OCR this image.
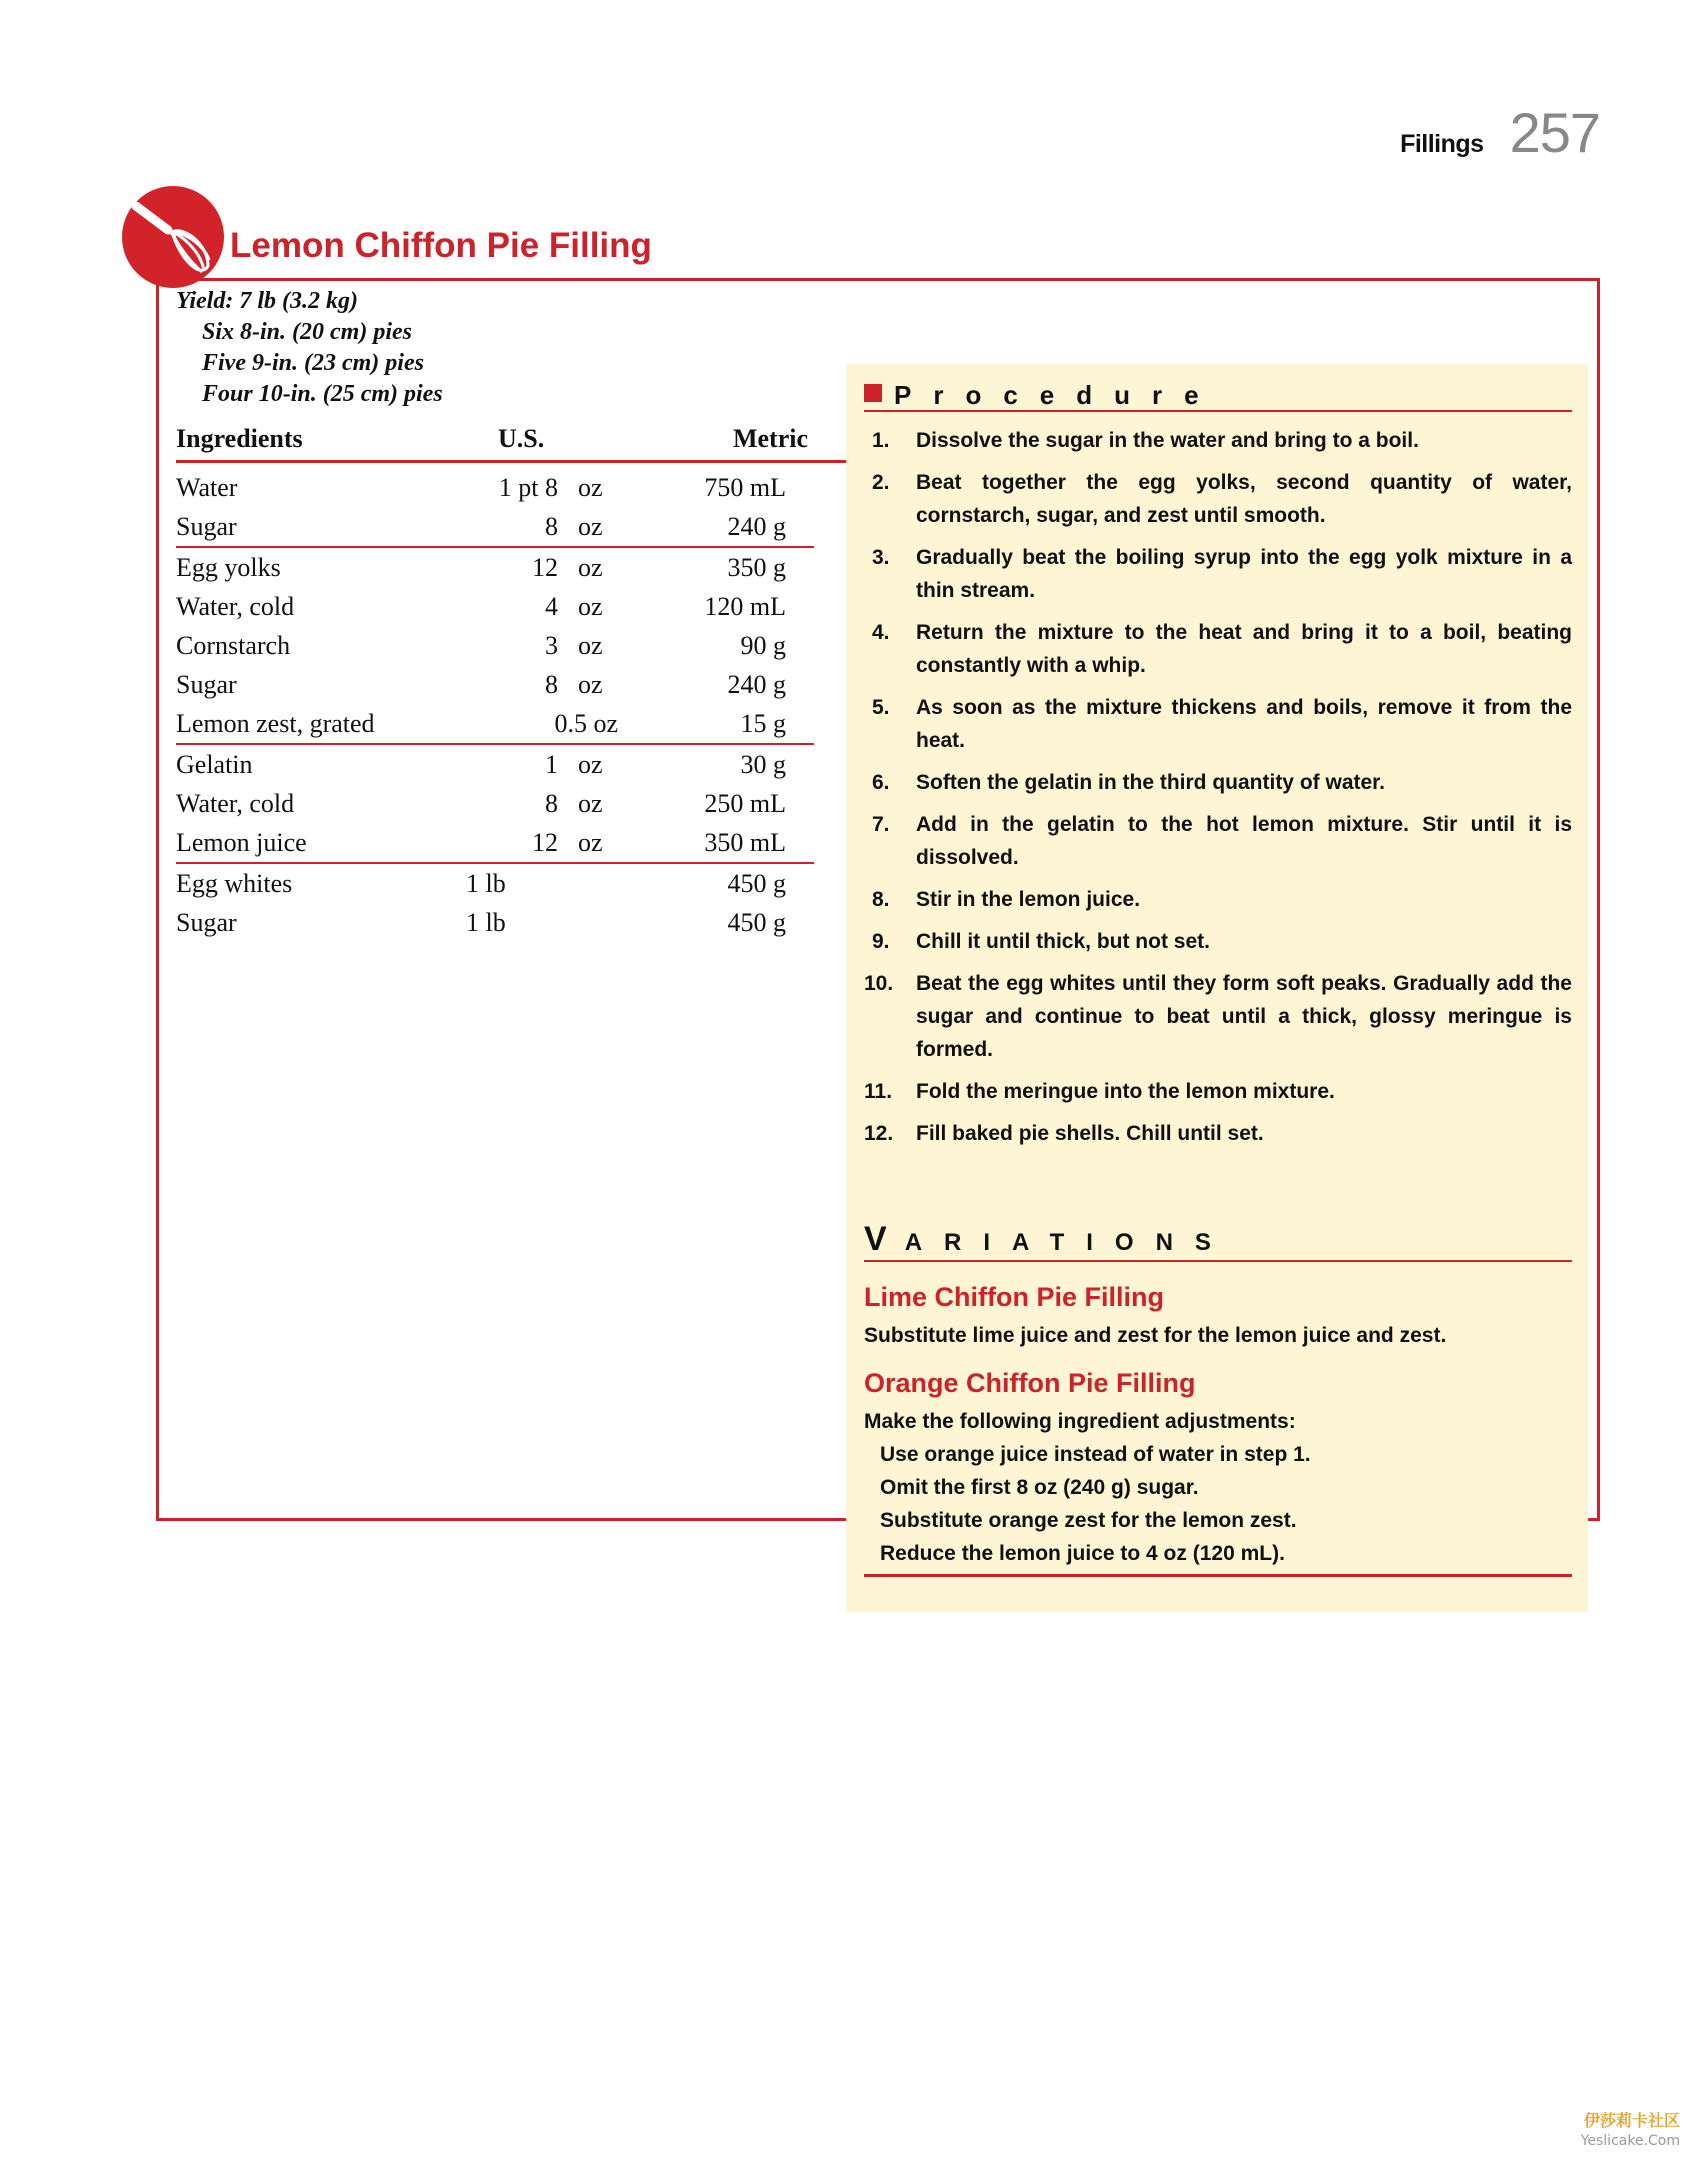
Fillings 257
Lemon Chiffon Pie Filling
Yield: 7 lb (3.2 kg)
Six 8-in. (20 cm) pies
Five 9-in. (23 cm) pies
Four 10-in. (25 cm) pies
Ingredients	U.S.	Metric
Water	1 pt 8 oz	750 mL
Sugar	8 oz	240 g
Egg yolks	12 oz	350 g
Water, cold	4 oz	120 mL
Cornstarch	3 oz	90 g
Sugar	8 oz	240 g
Lemon zest, grated	0.5 oz	15 g
Gelatin	1 oz	30 g
Water, cold	8 oz	250 mL
Lemon juice	12 oz	350 mL
Egg whites	1 lb	450 g
Sugar	1 lb	450 g
Procedure
1. Dissolve the sugar in the water and bring to a boil.
2. Beat together the egg yolks, second quantity of water, cornstarch, sugar, and zest until smooth.
3. Gradually beat the boiling syrup into the egg yolk mixture in a thin stream.
4. Return the mixture to the heat and bring it to a boil, beating constantly with a whip.
5. As soon as the mixture thickens and boils, remove it from the heat.
6. Soften the gelatin in the third quantity of water.
7. Add in the gelatin to the hot lemon mixture. Stir until it is dissolved.
8. Stir in the lemon juice.
9. Chill it until thick, but not set.
10. Beat the egg whites until they form soft peaks. Gradually add the sugar and continue to beat until a thick, glossy meringue is formed.
11. Fold the meringue into the lemon mixture.
12. Fill baked pie shells. Chill until set.
VARIATIONS

Lime Chiffon Pie Filling

Substitute lime juice and zest for the lemon juice and zest.

Orange Chiffon Pie Filling

Make the following ingredient adjustments:

Use orange juice instead of water in step 1.
Omit the first 8 oz (240 g) sugar.
Substitute orange zest for the lemon zest.
Reduce the lemon juice to 4 oz (120 mL).
伊莎莉卡社区
Yeslicake.Com
